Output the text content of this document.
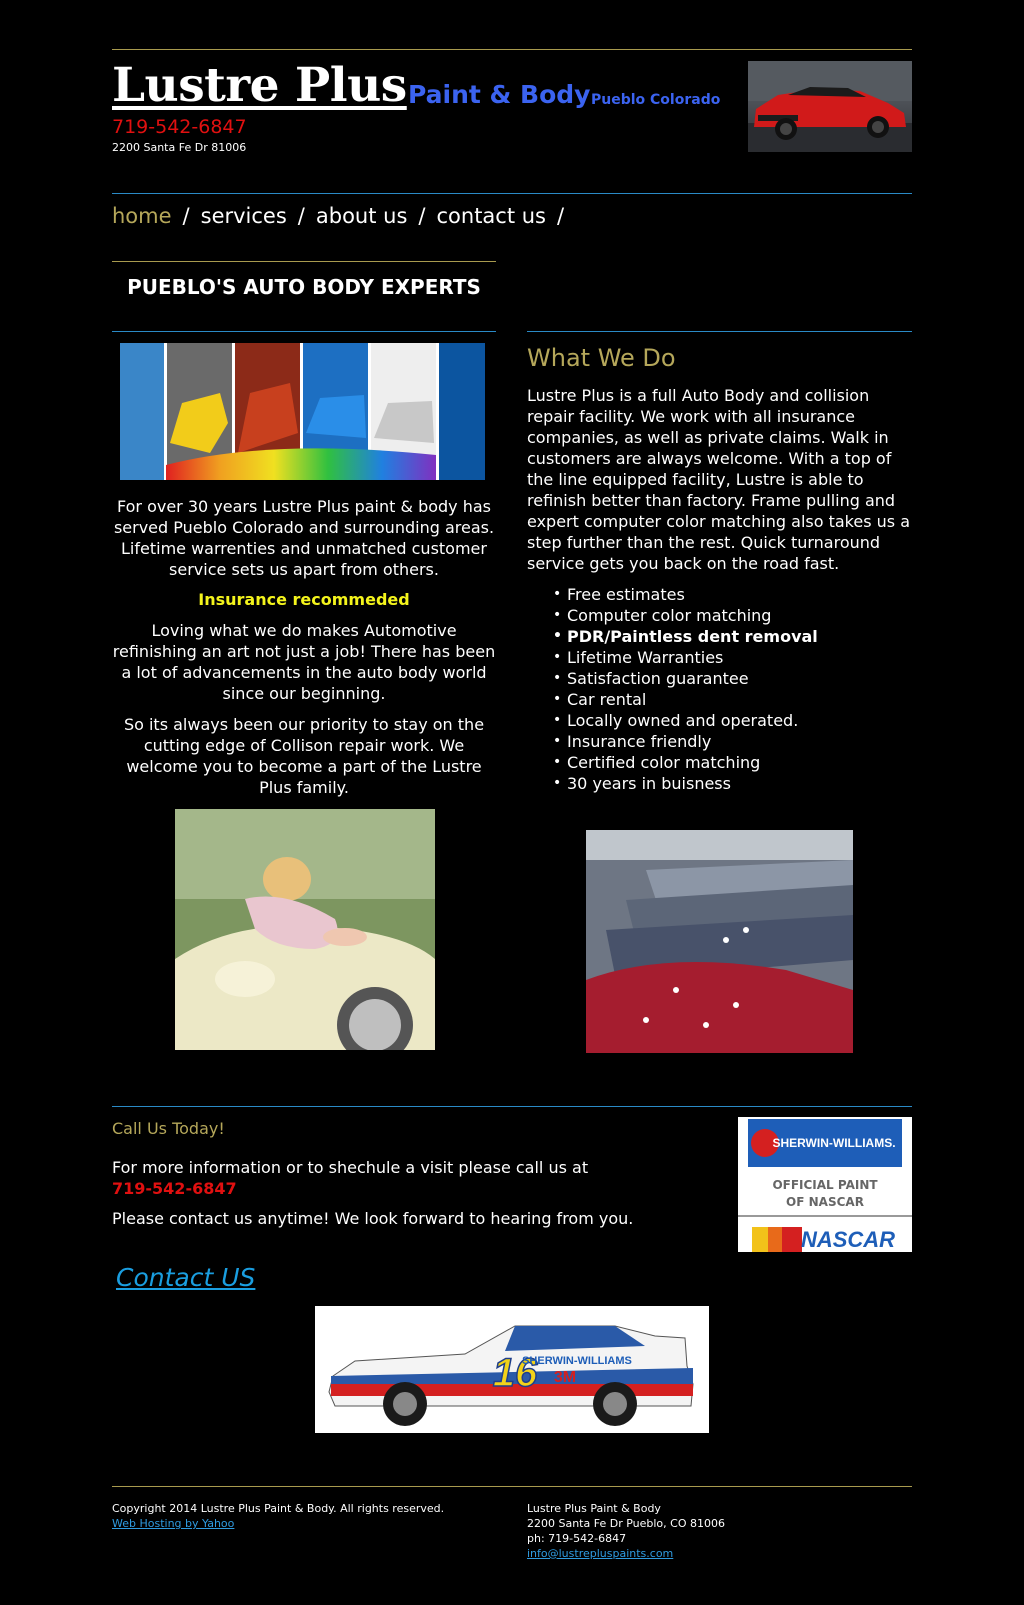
Lustre Plus Paint & Body Pueblo Colorado
719-542-6847
2200 Santa Fe Dr 81006
home / services / about us / contact us /
PUEBLO'S AUTO BODY EXPERTS

For over 30 years Lustre Plus paint & body has served Pueblo Colorado and surrounding areas. Lifetime warrenties and unmatched customer service sets us apart from others.

Insurance recommeded

Loving what we do makes Automotive refinishing an art not just a job! There has been a lot of advancements in the auto body world since our beginning.

So its always been our priority to stay on the cutting edge of Collison repair work. We welcome you to become a part of the Lustre Plus family.

What We Do

Lustre Plus is a full Auto Body and collision repair facility. We work with all insurance companies, as well as private claims. Walk in customers are always welcome. With a top of the line equipped facility, Lustre is able to refinish better than factory. Frame pulling and expert computer color matching also takes us a step further than the rest. Quick turnaround service gets you back on the road fast.

• Free estimates
• Computer color matching
• PDR/Paintless dent removal
• Lifetime Warranties
• Satisfaction guarantee
• Car rental
• Locally owned and operated.
• Insurance friendly
• Certified color matching
• 30 years in buisness
Call Us Today!
For more information or to shechule a visit please call us at
719-542-6847
Please contact us anytime! We look forward to hearing from you.
SHERWIN-WILLIAMS.
OFFICIAL PAINT
OF NASCAR
NASCAR
Contact US
16
SHERWIN-WILLIAMS
3M
Copyright 2014 Lustre Plus Paint & Body. All rights reserved.
Web Hosting by Yahoo
Lustre Plus Paint & Body
2200 Santa Fe Dr Pueblo, CO 81006
ph: 719-542-6847
info@lustrepluspaints.com
